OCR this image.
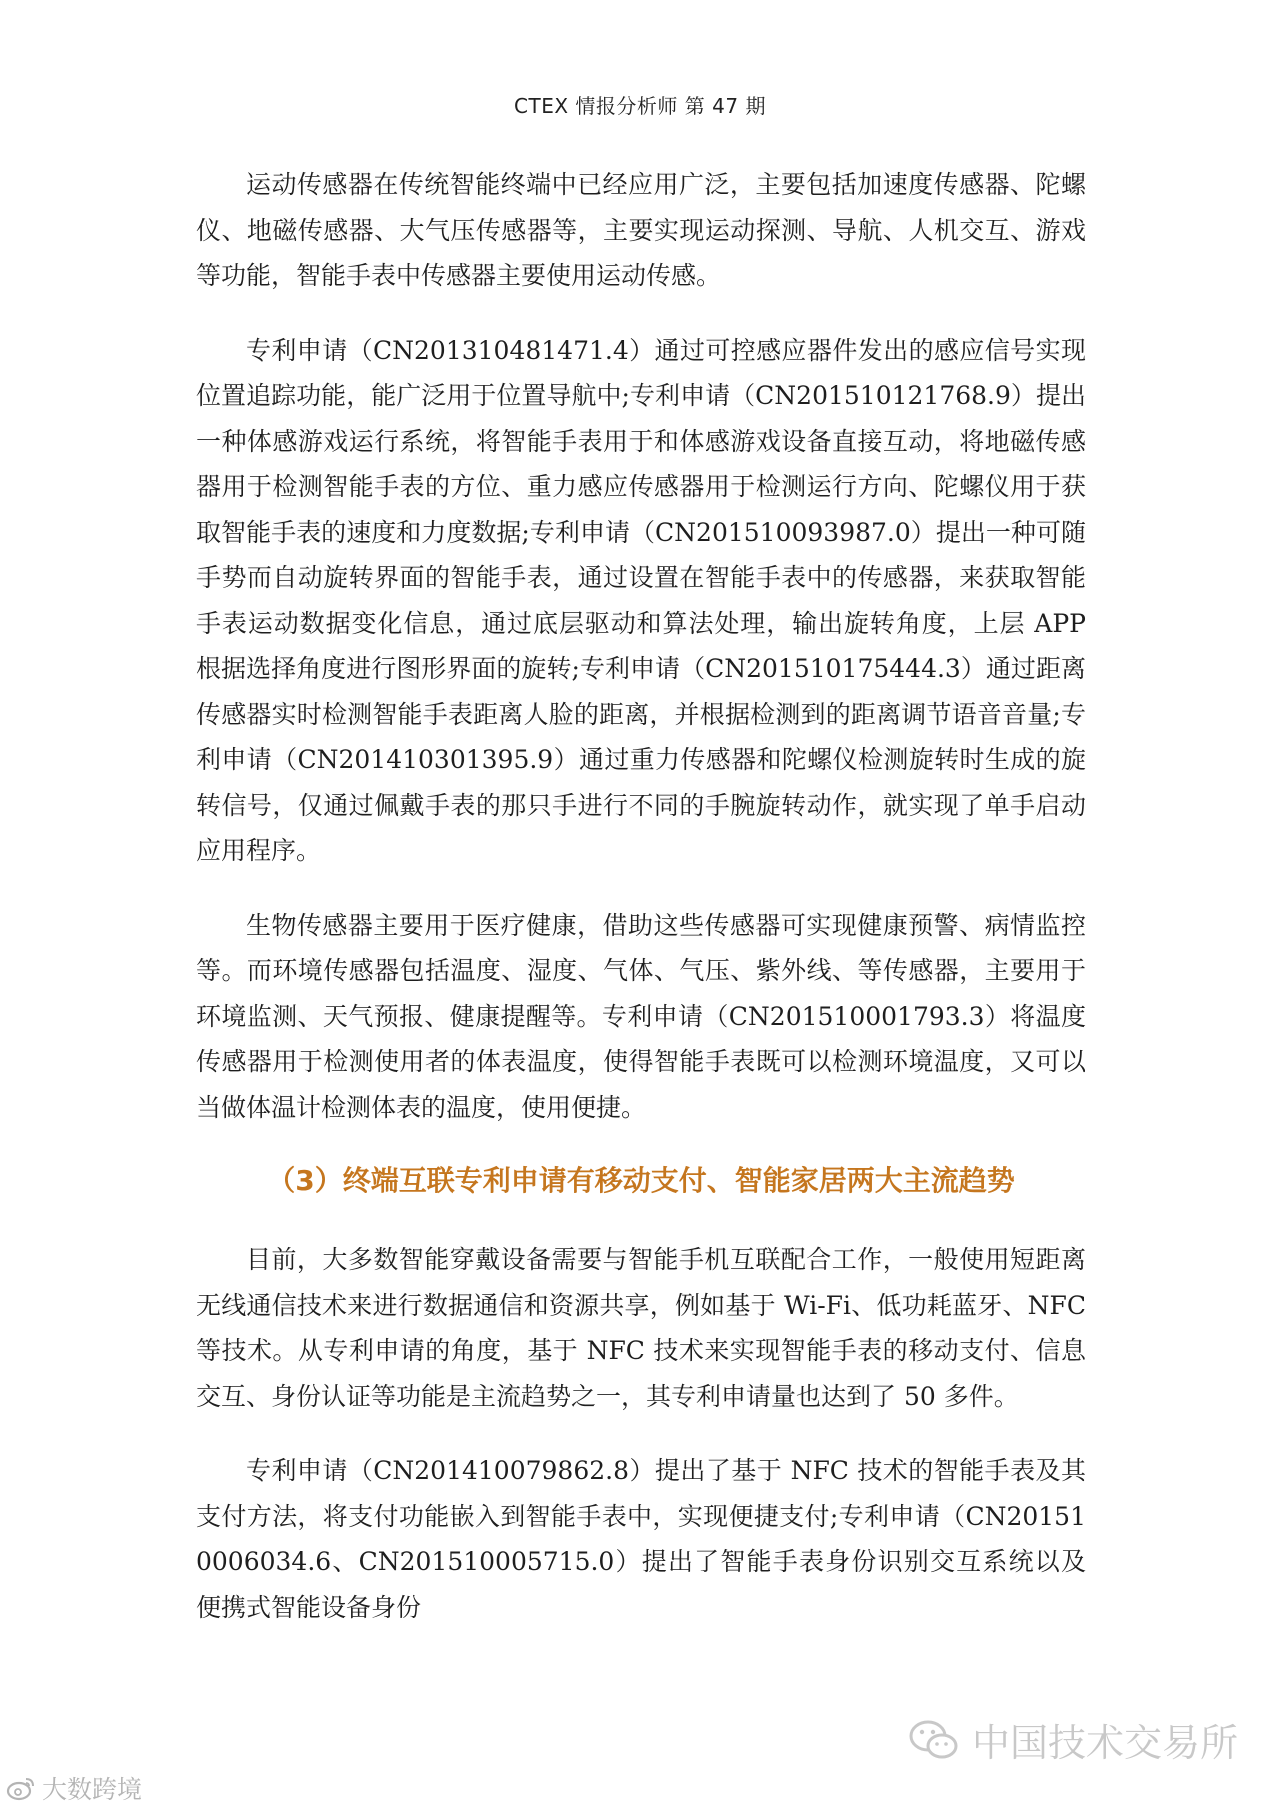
CTEX 情报分析师 第 47 期

运动传感器在传统智能终端中已经应用广泛，主要包括加速度传感器、陀螺仪、地磁传感器、大气压传感器等，主要实现运动探测、导航、人机交互、游戏等功能，智能手表中传感器主要使用运动传感。

专利申请（CN201310481471.4）通过可控感应器件发出的感应信号实现位置追踪功能，能广泛用于位置导航中;专利申请（CN201510121768.9）提出一种体感游戏运行系统，将智能手表用于和体感游戏设备直接互动，将地磁传感器用于检测智能手表的方位、重力感应传感器用于检测运行方向、陀螺仪用于获取智能手表的速度和力度数据;专利申请（CN201510093987.0）提出一种可随手势而自动旋转界面的智能手表，通过设置在智能手表中的传感器，来获取智能手表运动数据变化信息，通过底层驱动和算法处理，输出旋转角度，上层 APP 根据选择角度进行图形界面的旋转;专利申请（CN201510175444.3）通过距离传感器实时检测智能手表距离人脸的距离，并根据检测到的距离调节语音音量;专利申请（CN201410301395.9）通过重力传感器和陀螺仪检测旋转时生成的旋转信号，仅通过佩戴手表的那只手进行不同的手腕旋转动作，就实现了单手启动应用程序。

生物传感器主要用于医疗健康，借助这些传感器可实现健康预警、病情监控等。而环境传感器包括温度、湿度、气体、气压、紫外线、等传感器，主要用于环境监测、天气预报、健康提醒等。专利申请（CN201510001793.3）将温度传感器用于检测使用者的体表温度，使得智能手表既可以检测环境温度，又可以当做体温计检测体表的温度，使用便捷。

（3）终端互联专利申请有移动支付、智能家居两大主流趋势

目前，大多数智能穿戴设备需要与智能手机互联配合工作，一般使用短距离无线通信技术来进行数据通信和资源共享，例如基于 Wi-Fi、低功耗蓝牙、NFC 等技术。从专利申请的角度，基于 NFC 技术来实现智能手表的移动支付、信息交互、身份认证等功能是主流趋势之一，其专利申请量也达到了 50 多件。

专利申请（CN201410079862.8）提出了基于 NFC 技术的智能手表及其支付方法，将支付功能嵌入到智能手表中，实现便捷支付;专利申请（CN201510006034.6、CN201510005715.0）提出了智能手表身份识别交互系统以及便携式智能设备身份

中国技术交易所
大数跨境
